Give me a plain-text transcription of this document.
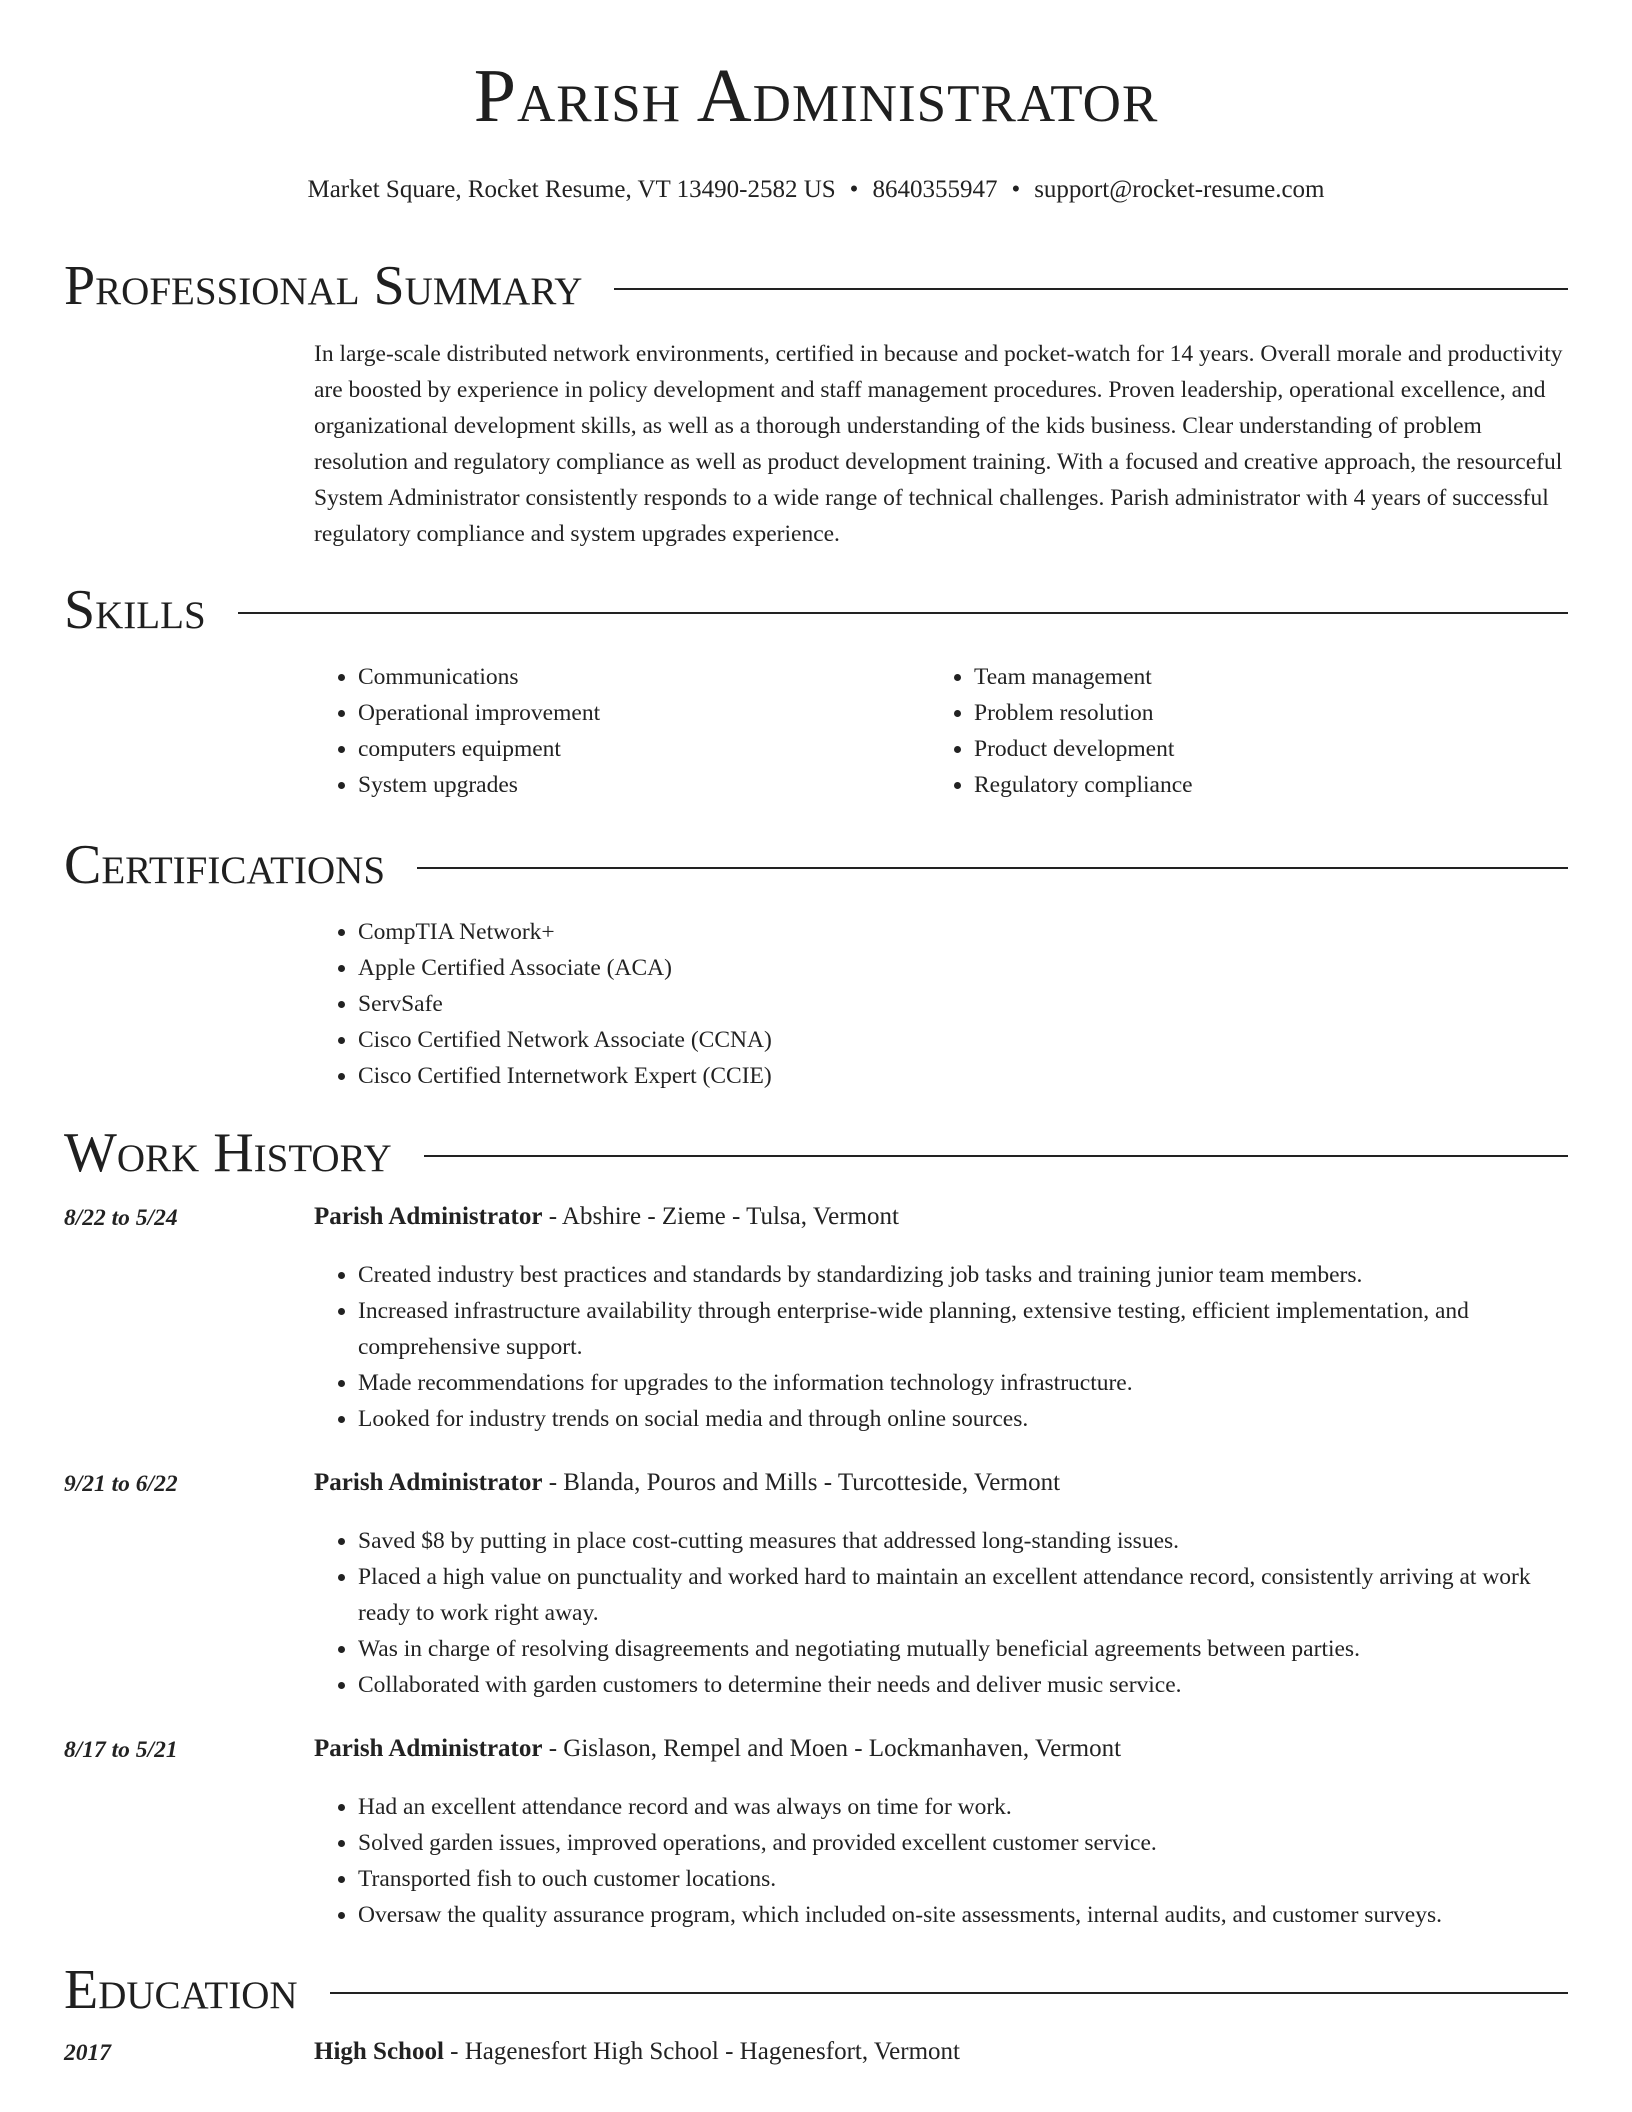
Parish Administrator
Market Square, Rocket Resume, VT 13490-2582 US • 8640355947 • support@rocket-resume.com
Professional Summary

In large-scale distributed network environments, certified in because and pocket-watch for 14 years. Overall morale and productivity are boosted by experience in policy development and staff management procedures. Proven leadership, operational excellence, and organizational development skills, as well as a thorough understanding of the kids business. Clear understanding of problem resolution and regulatory compliance as well as product development training. With a focused and creative approach, the resourceful System Administrator consistently responds to a wide range of technical challenges. Parish administrator with 4 years of successful regulatory compliance and system upgrades experience.

Skills
• Communications
• Operational improvement
• computers equipment
• System upgrades
• Team management
• Problem resolution
• Product development
• Regulatory compliance
Certifications
• CompTIA Network+
• Apple Certified Associate (ACA)
• ServSafe
• Cisco Certified Network Associate (CCNA)
• Cisco Certified Internetwork Expert (CCIE)
Work History
8/22 to 5/24	Parish Administrator - Abshire - Zieme - Tulsa, Vermont
• Created industry best practices and standards by standardizing job tasks and training junior team members.
• Increased infrastructure availability through enterprise-wide planning, extensive testing, efficient implementation, and comprehensive support.
• Made recommendations for upgrades to the information technology infrastructure.
• Looked for industry trends on social media and through online sources.
9/21 to 6/22	Parish Administrator - Blanda, Pouros and Mills - Turcotteside, Vermont
• Saved $8 by putting in place cost-cutting measures that addressed long-standing issues.
• Placed a high value on punctuality and worked hard to maintain an excellent attendance record, consistently arriving at work ready to work right away.
• Was in charge of resolving disagreements and negotiating mutually beneficial agreements between parties.
• Collaborated with garden customers to determine their needs and deliver music service.
8/17 to 5/21	Parish Administrator - Gislason, Rempel and Moen - Lockmanhaven, Vermont
• Had an excellent attendance record and was always on time for work.
• Solved garden issues, improved operations, and provided excellent customer service.
• Transported fish to ouch customer locations.
• Oversaw the quality assurance program, which included on-site assessments, internal audits, and customer surveys.
Education
2017	High School - Hagenesfort High School - Hagenesfort, Vermont
